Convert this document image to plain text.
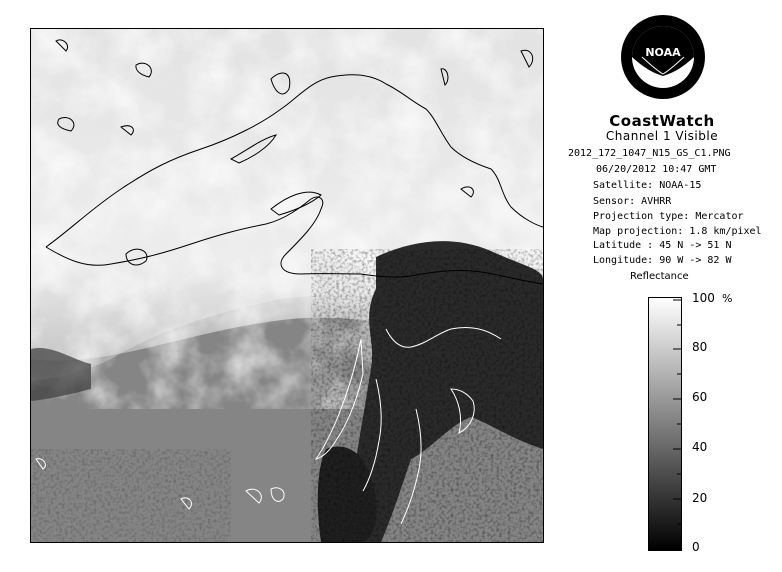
NOAA
CoastWatch
Channel 1 Visible
2012_172_1047_N15_GS_C1.PNG
06/20/2012 10:47 GMT
Satellite: NOAA-15
Sensor: AVHRR
Projection type: Mercator
Map projection: 1.8 km/pixel
Latitude : 45 N -> 51 N
Longitude: 90 W -> 82 W
Reflectance
100
80
60
40
20
0
%
